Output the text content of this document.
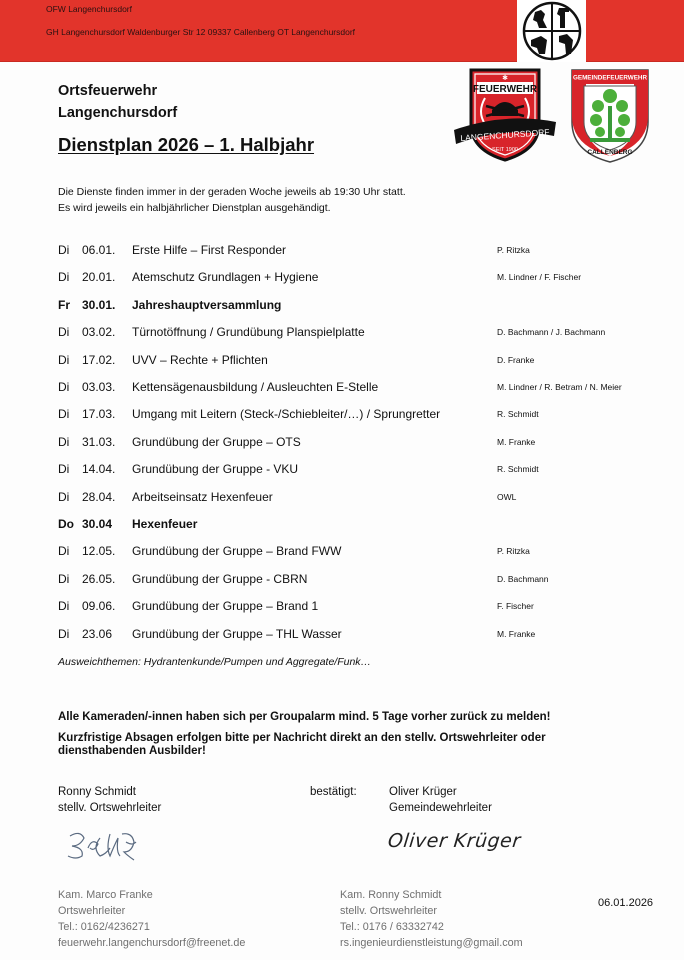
OFW Langenchursdorf
GH Langenchursdorf Waldenburger Str 12 09337 Callenberg OT Langenchursdorf
Ortsfeuerwehr
Langenchursdorf
Dienstplan 2026 – 1. Halbjahr
✱
FEUERWEHR
LANGENCHURSDORF
SEIT 1900
GEMEINDEFEUERWEHR
CALLENBERG
Die Dienste finden immer in der geraden Woche jeweils ab 19:30 Uhr statt.
Es wird jeweils ein halbjährlicher Dienstplan ausgehändigt.
Di 06.01. Erste Hilfe – First Responder	P. Ritzka
Di 20.01. Atemschutz Grundlagen + Hygiene	M. Lindner / F. Fischer
Fr 30.01. Jahreshauptversammlung
Di 03.02. Türnotöffnung / Grundübung Planspielplatte	D. Bachmann / J. Bachmann
Di 17.02. UVV – Rechte + Pflichten	D. Franke
Di 03.03. Kettensägenausbildung / Ausleuchten E-Stelle	M. Lindner / R. Betram / N. Meier
Di 17.03. Umgang mit Leitern (Steck-/Schiebleiter/…) / Sprungretter	R. Schmidt
Di 31.03. Grundübung der Gruppe – OTS	M. Franke
Di 14.04. Grundübung der Gruppe - VKU	R. Schmidt
Di 28.04. Arbeitseinsatz Hexenfeuer	OWL
Do 30.04 Hexenfeuer
Di 12.05. Grundübung der Gruppe – Brand FWW	P. Ritzka
Di 26.05. Grundübung der Gruppe - CBRN	D. Bachmann
Di 09.06. Grundübung der Gruppe – Brand 1	F. Fischer
Di 23.06 Grundübung der Gruppe – THL Wasser	M. Franke
Ausweichthemen: Hydrantenkunde/Pumpen und Aggregate/Funk…
Alle Kameraden/-innen haben sich per Groupalarm mind. 5 Tage vorher zurück zu melden!
Kurzfristige Absagen erfolgen bitte per Nachricht direkt an den stellv. Ortswehrleiter oder diensthabenden Ausbilder!
Ronny Schmidt
stellv. Ortswehrleiter
bestätigt:	Oliver Krüger
Gemeindewehrleiter
Oliver Krüger
Kam. Marco Franke
Ortswehrleiter
Tel.: 0162/4236271
feuerwehr.langenchursdorf@freenet.de
Kam. Ronny Schmidt
stellv. Ortswehrleiter
Tel.: 0176 / 63332742
rs.ingenieurdienstleistung@gmail.com
06.01.2026
